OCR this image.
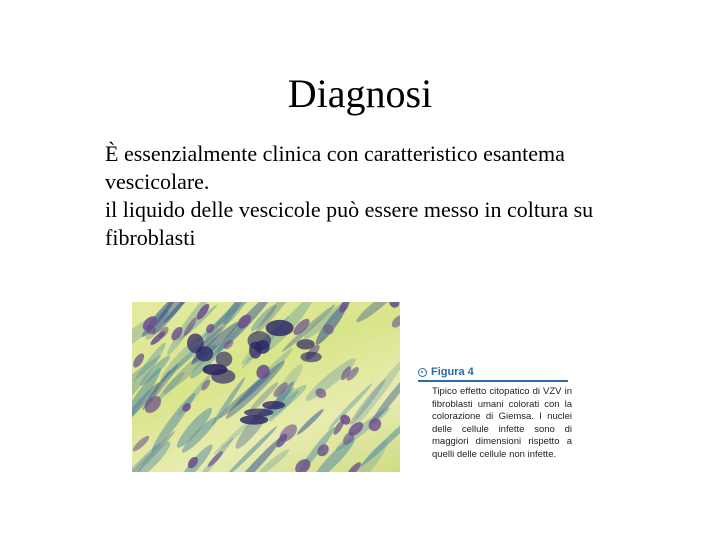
Diagnosi

È essenzialmente clinica con caratteristico esantema vescicolare.

il liquido delle vescicole può essere messo in coltura su fibroblasti

Figura 4
Tipico effetto citopatico di VZV in fibroblasti umani colorati con la colorazione di Giemsa. I nuclei delle cellule infette sono di maggiori dimensioni rispetto a quelli delle cellule non infette.
